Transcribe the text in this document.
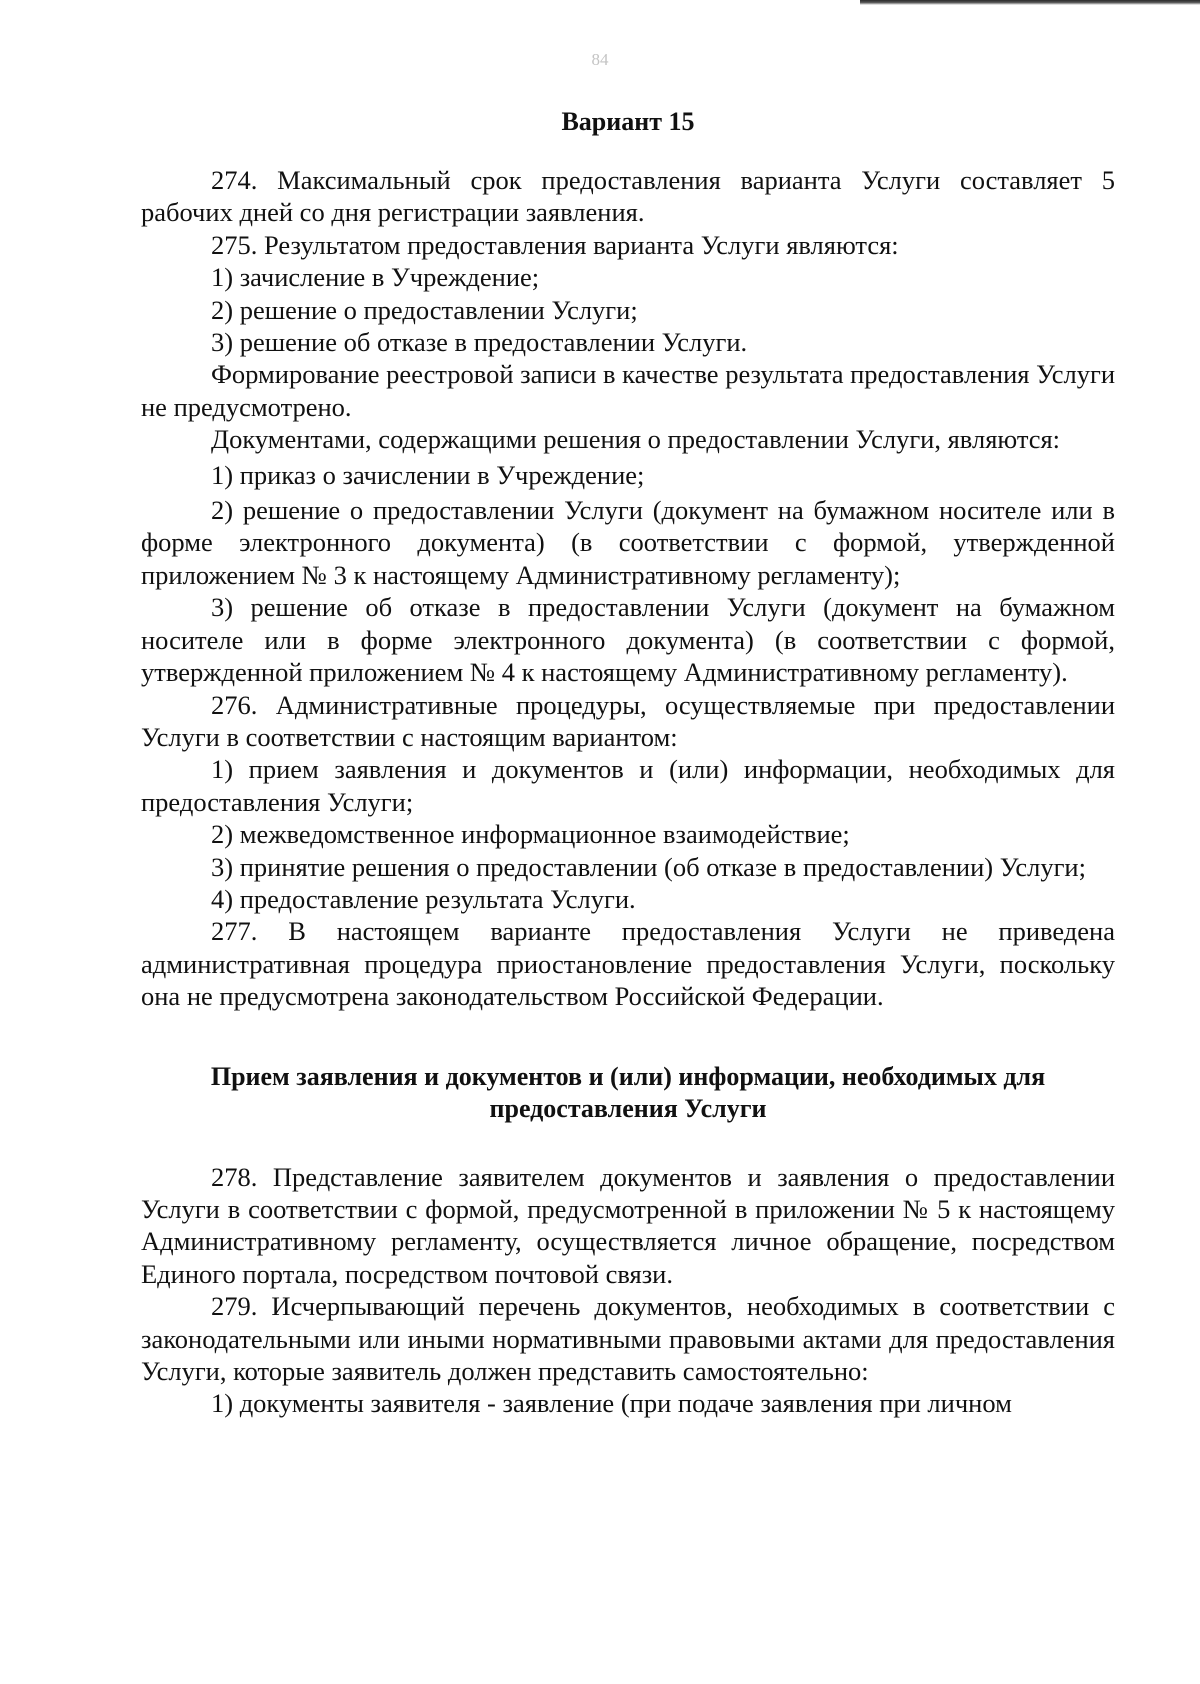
84
Вариант 15

274. Максимальный срок предоставления варианта Услуги составляет 5 рабочих дней со дня регистрации заявления.

275. Результатом предоставления варианта Услуги являются:

1) зачисление в Учреждение;

2) решение о предоставлении Услуги;

3) решение об отказе в предоставлении Услуги.

Формирование реестровой записи в качестве результата предоставления Услуги не предусмотрено.

Документами, содержащими решения о предоставлении Услуги, являются:

1) приказ о зачислении в Учреждение;

2) решение о предоставлении Услуги (документ на бумажном носителе или в форме электронного документа) (в соответствии с формой, утвержденной приложением № 3 к настоящему Административному регламенту);

3) решение об отказе в предоставлении Услуги (документ на бумажном носителе или в форме электронного документа) (в соответствии с формой, утвержденной приложением № 4 к настоящему Административному регламенту).

276. Административные процедуры, осуществляемые при предоставлении Услуги в соответствии с настоящим вариантом:

1) прием заявления и документов и (или) информации, необходимых для предоставления Услуги;

2) межведомственное информационное взаимодействие;

3) принятие решения о предоставлении (об отказе в предоставлении) Услуги;

4) предоставление результата Услуги.

277. В настоящем варианте предоставления Услуги не приведена административная процедура приостановление предоставления Услуги, поскольку она не предусмотрена законодательством Российской Федерации.

Прием заявления и документов и (или) информации, необходимых для предоставления Услуги

278. Представление заявителем документов и заявления о предоставлении Услуги в соответствии с формой, предусмотренной в приложении № 5 к настоящему Административному регламенту, осуществляется личное обращение, посредством Единого портала, посредством почтовой связи.

279. Исчерпывающий перечень документов, необходимых в соответствии с законодательными или иными нормативными правовыми актами для предоставления Услуги, которые заявитель должен представить самостоятельно:

1) документы заявителя - заявление (при подаче заявления при личном
